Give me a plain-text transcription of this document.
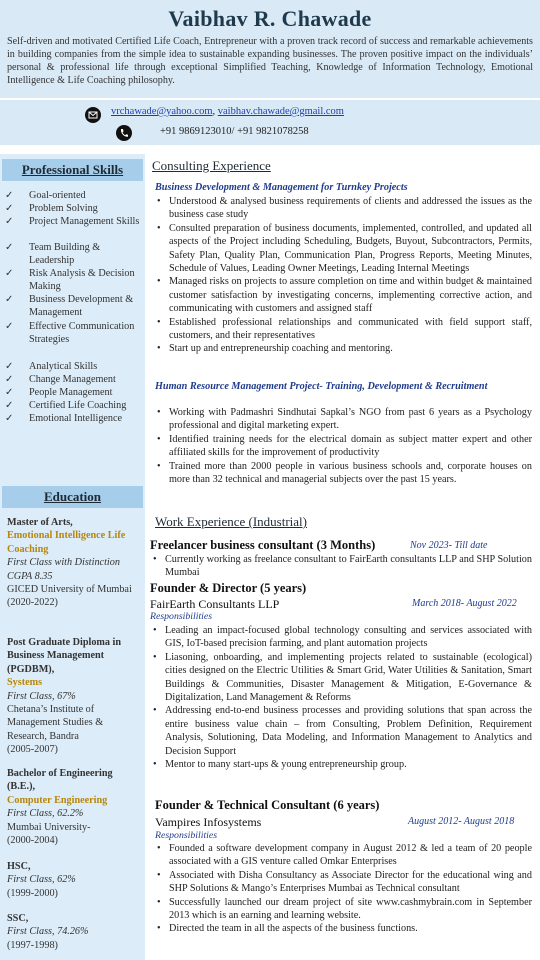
Vaibhav R. Chawade
Self-driven and motivated Certified Life Coach, Entrepreneur with a proven track record of success and remarkable achievements in building companies from the simple idea to sustainable expanding businesses. The proven positive impact on the individuals’ personal & professional life through exceptional Simplified Teaching, Knowledge of Information Technology, Emotional Intelligence & Life Coaching philosophy.
vrchawade@yahoo.com, vaibhav.chawade@gmail.com
+91 9869123010/ +91 9821078258
Professional Skills
✓ Goal-oriented
✓ Problem Solving
✓ Project Management Skills
✓ Team Building & Leadership
✓ Risk Analysis & Decision Making
✓ Business Development & Management
✓ Effective Communication Strategies
✓ Analytical Skills
✓ Change Management
✓ People Management
✓ Certified Life Coaching
✓ Emotional Intelligence
Education
Master of Arts,
Emotional Intelligence Life Coaching
First Class with Distinction CGPA 8.35
GICED University of Mumbai
(2020-2022)
Post Graduate Diploma in Business Management (PGDBM),
Systems
First Class, 67%
Chetana’s Institute of Management Studies & Research, Bandra
(2005-2007)
Bachelor of Engineering (B.E.),
Computer Engineering
First Class, 62.2%
Mumbai University-
(2000-2004)
HSC,
First Class, 62%
(1999-2000)
SSC,
First Class, 74.26%
(1997-1998)
Consulting Experience
Business Development & Management for Turnkey Projects
• Understood & analysed business requirements of clients and addressed the issues as the business case study
• Consulted preparation of business documents, implemented, controlled, and updated all aspects of the Project including Scheduling, Budgets, Buyout, Subcontractors, Permits, Safety Plan, Quality Plan, Communication Plan, Progress Reports, Meeting Minutes, Schedule of Values, Leading Owner Meetings, Leading Internal Meetings
• Managed risks on projects to assure completion on time and within budget & maintained customer satisfaction by investigating concerns, implementing corrective action, and communicating with customers and assigned staff
• Established professional relationships and communicated with field support staff, customers, and their representatives
• Start up and entrepreneurship coaching and mentoring.
Human Resource Management Project- Training, Development & Recruitment
• Working with Padmashri Sindhutai Sapkal’s NGO from past 6 years as a Psychology professional and digital marketing expert.
• Identified training needs for the electrical domain as subject matter expert and other affiliated skills for the improvement of productivity
• Trained more than 2000 people in various business schools and, corporate houses on more than 32 technical and managerial subjects over the past 15 years.
Work Experience (Industrial)
Freelancer business consultant (3 Months)	Nov 2023- Till date
• Currently working as freelance consultant to FairEarth consultants LLP and SHP Solution Mumbai
Founder & Director (5 years)
FairEarth Consultants LLP	March 2018- August 2022
Responsibilities
• Leading an impact-focused global technology consulting and services associated with GIS, IoT-based precision farming, and plant automation projects
• Liasoning, onboarding, and implementing projects related to sustainable (ecological) cities designed on the Electric Utilities & Smart Grid, Water Utilities & Sanitation, Smart Buildings & Communities, Disaster Management & Mitigation, E-Governance & Digitalization, Land Management & Reforms
• Addressing end-to-end business processes and providing solutions that span across the entire business value chain – from Consulting, Problem Definition, Requirement Analysis, Solutioning, Data Modeling, and Information Management to Analytics and Decision Support
• Mentor to many start-ups & young entrepreneurship group.
Founder & Technical Consultant (6 years)
Vampires Infosystems	August 2012- August 2018
Responsibilities
• Founded a software development company in August 2012 & led a team of 20 people associated with a GIS venture called Omkar Enterprises
• Associated with Disha Consultancy as Associate Director for the educational wing and SHP Solutions & Mango’s Enterprises Mumbai as Technical consultant
• Successfully launched our dream project of site www.cashmybrain.com in September 2013 which is an earning and learning website.
• Directed the team in all the aspects of the business functions.
